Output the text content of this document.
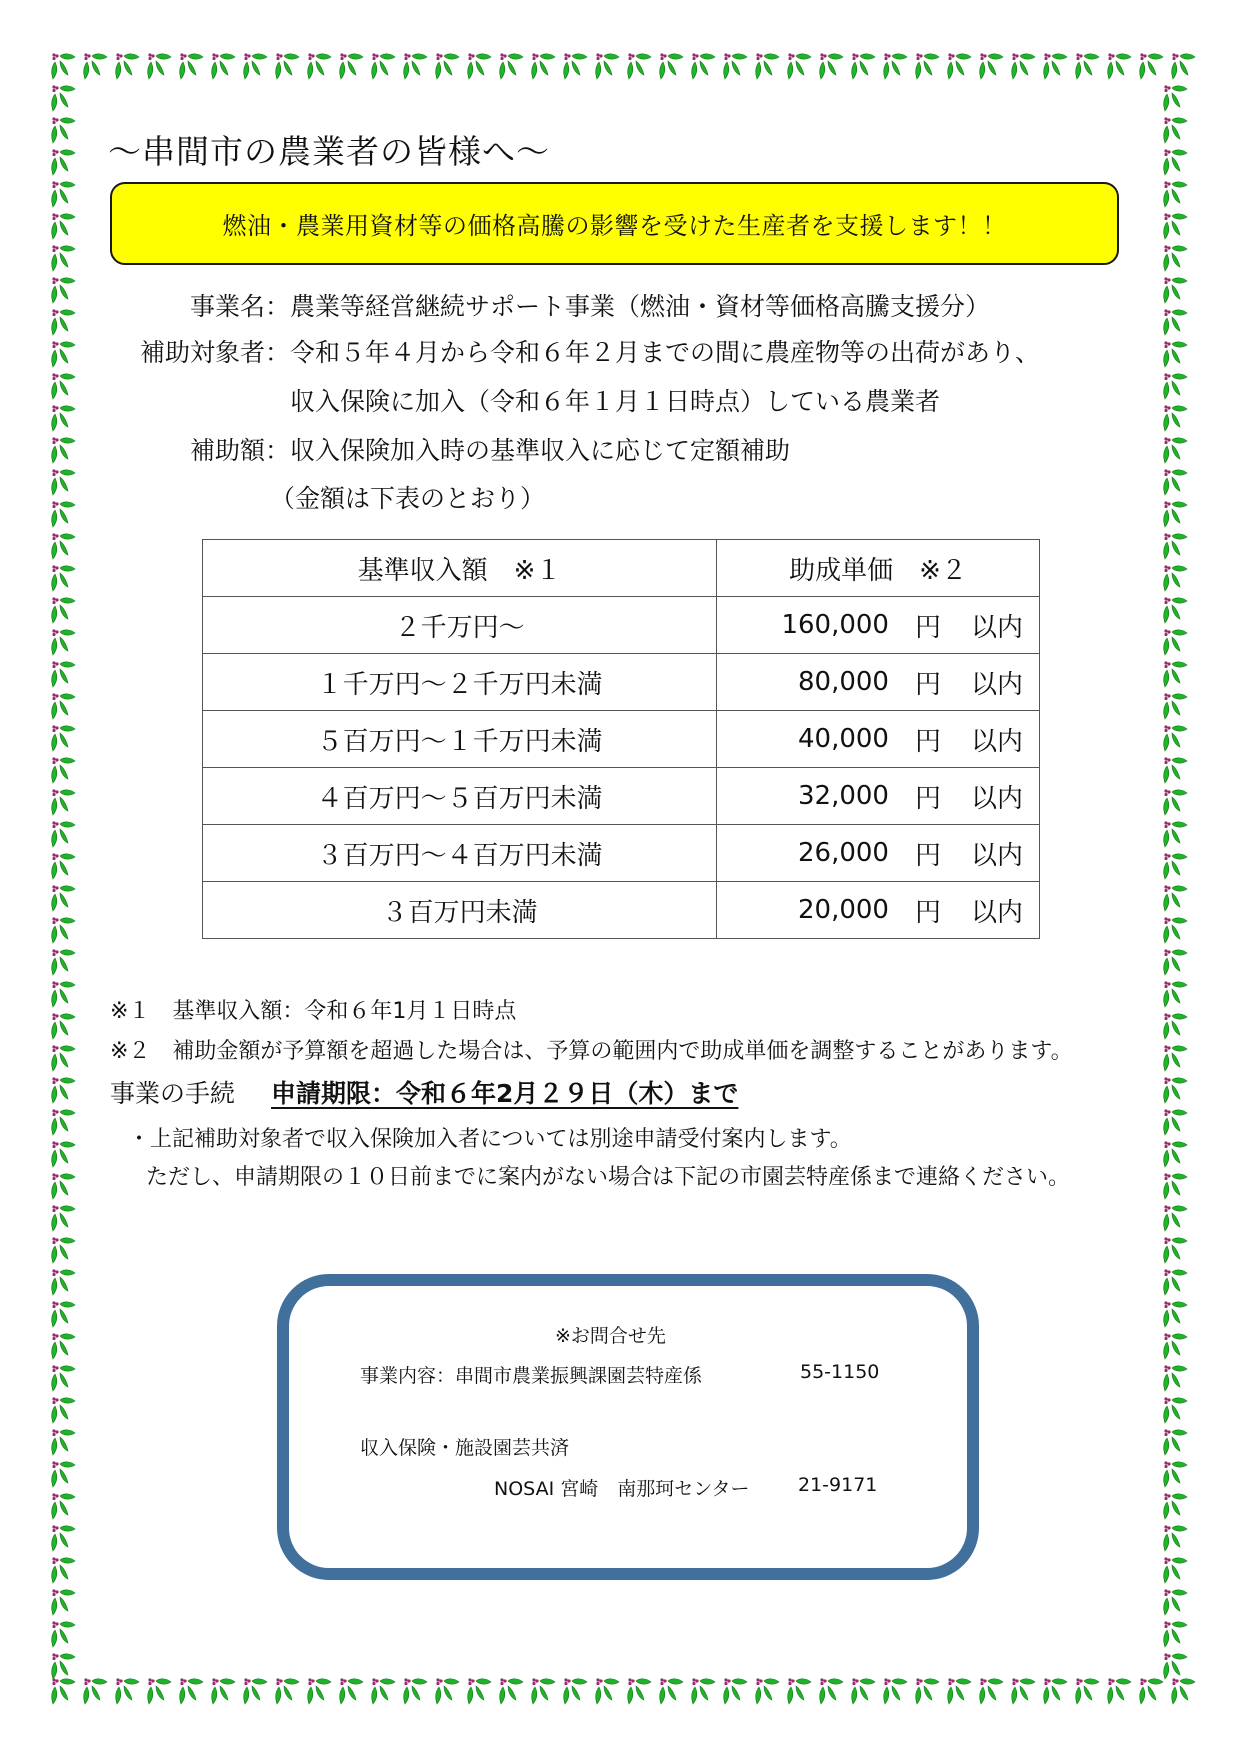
～串間市の農業者の皆様へ～
燃油・農業用資材等の価格高騰の影響を受けた生産者を支援します！！
事業名：農業等経営継続サポート事業（燃油・資材等価格高騰支援分）
補助対象者：令和５年４月から令和６年２月までの間に農産物等の出荷があり、
収入保険に加入（令和６年１月１日時点）している農業者
補助額：収入保険加入時の基準収入に応じて定額補助
（金額は下表のとおり）
基準収入額　※１	助成単価　※２
２千万円～	160,000 円 以内

１千万円～２千万円未満	80,000 円 以内

５百万円～１千万円未満	40,000 円 以内

４百万円～５百万円未満	32,000 円 以内

３百万円～４百万円未満	26,000 円 以内

３百万円未満	20,000 円 以内
※１　基準収入額：令和６年1月１日時点
※２　補助金額が予算額を超過した場合は、予算の範囲内で助成単価を調整することがあります。
事業の手続 申請期限：令和６年2月２９日（木）まで
・上記補助対象者で収入保険加入者については別途申請受付案内します。
ただし、申請期限の１０日前までに案内がない場合は下記の市園芸特産係まで連絡ください。
※お問合せ先
事業内容：串間市農業振興課園芸特産係	55-1150
収入保険・施設園芸共済
NOSAI 宮崎　南那珂センター	21-9171
